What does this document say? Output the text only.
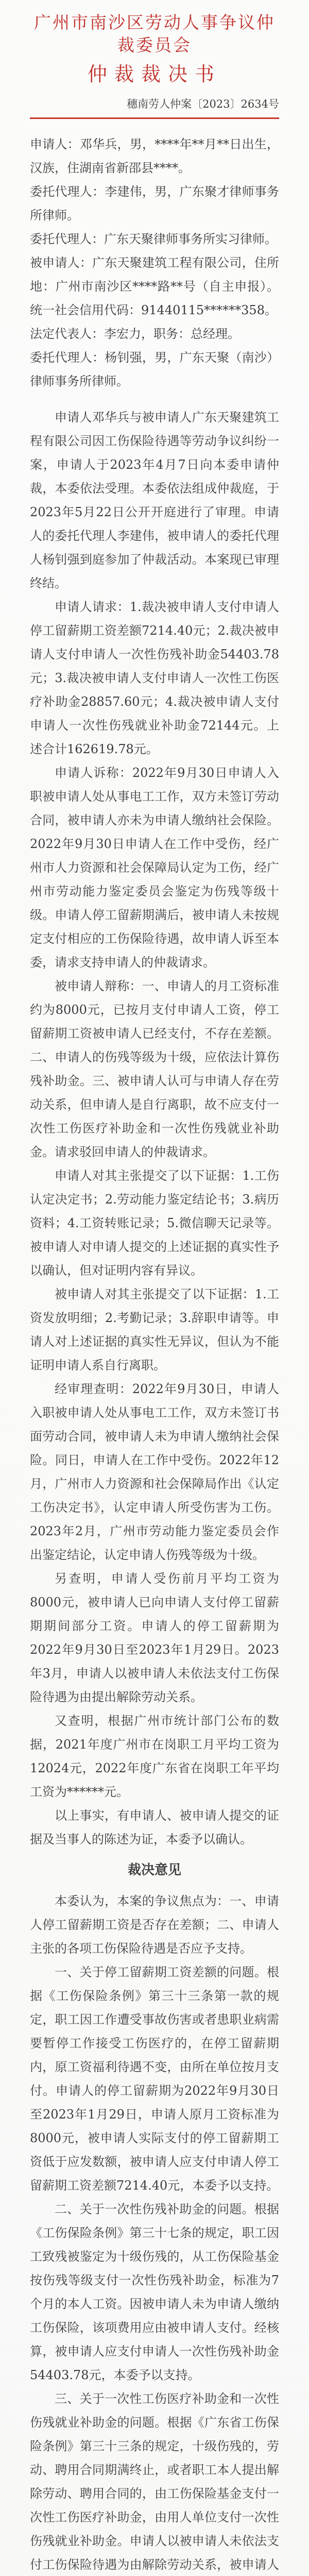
广州市南沙区劳动人事争议仲裁委员会
仲裁裁决书
穗南劳人仲案〔2023〕2634号

申请人：邓华兵，男，****年**月**日出生，汉族，住湖南省新邵县****。

委托代理人：李建伟，男，广东聚才律师事务所律师。

委托代理人：广东天聚律师事务所实习律师。

被申请人：广东天聚建筑工程有限公司，住所地：广州市南沙区****路**号（自主申报）。统一社会信用代码：91440115******358。

法定代表人：李宏力，职务：总经理。

委托代理人：杨钊强，男，广东天聚（南沙）律师事务所律师。

申请人邓华兵与被申请人广东天聚建筑工程有限公司因工伤保险待遇等劳动争议纠纷一案，申请人于2023年4月7日向本委申请仲裁，本委依法受理。本委依法组成仲裁庭，于2023年5月22日公开开庭进行了审理。申请人的委托代理人李建伟，被申请人的委托代理人杨钊强到庭参加了仲裁活动。本案现已审理终结。

申请人请求：1.裁决被申请人支付申请人停工留薪期工资差额7214.40元；2.裁决被申请人支付申请人一次性伤残补助金54403.78元；3.裁决被申请人支付申请人一次性工伤医疗补助金28857.60元；4.裁决被申请人支付申请人一次性伤残就业补助金72144元。上述合计162619.78元。

申请人诉称：2022年9月30日申请人入职被申请人处从事电工工作，双方未签订劳动合同，被申请人亦未为申请人缴纳社会保险。2022年9月30日申请人在工作中受伤，经广州市人力资源和社会保障局认定为工伤，经广州市劳动能力鉴定委员会鉴定为伤残等级十级。申请人停工留薪期满后，被申请人未按规定支付相应的工伤保险待遇，故申请人诉至本委，请求支持申请人的仲裁请求。

被申请人辩称：一、申请人的月工资标准约为8000元，已按月支付申请人工资，停工留薪期工资被申请人已经支付，不存在差额。二、申请人的伤残等级为十级，应依法计算伤残补助金。三、被申请人认可与申请人存在劳动关系，但申请人是自行离职，故不应支付一次性工伤医疗补助金和一次性伤残就业补助金。请求驳回申请人的仲裁请求。

申请人对其主张提交了以下证据：1.工伤认定决定书；2.劳动能力鉴定结论书；3.病历资料；4.工资转账记录；5.微信聊天记录等。被申请人对申请人提交的上述证据的真实性予以确认，但对证明内容有异议。

被申请人对其主张提交了以下证据：1.工资发放明细；2.考勤记录；3.辞职申请等。申请人对上述证据的真实性无异议，但认为不能证明申请人系自行离职。

经审理查明：2022年9月30日，申请人入职被申请人处从事电工工作，双方未签订书面劳动合同，被申请人未为申请人缴纳社会保险。同日，申请人在工作中受伤。2022年12月，广州市人力资源和社会保障局作出《认定工伤决定书》，认定申请人所受伤害为工伤。2023年2月，广州市劳动能力鉴定委员会作出鉴定结论，认定申请人伤残等级为十级。

另查明，申请人受伤前月平均工资为8000元，被申请人已向申请人支付停工留薪期期间部分工资。申请人的停工留薪期为2022年9月30日至2023年1月29日。2023年3月，申请人以被申请人未依法支付工伤保险待遇为由提出解除劳动关系。

又查明，根据广州市统计部门公布的数据，2021年度广州市在岗职工月平均工资为12024元，2022年度广东省在岗职工年平均工资为******元。

以上事实，有申请人、被申请人提交的证据及当事人的陈述为证，本委予以确认。

裁决意见

本委认为，本案的争议焦点为：一、申请人停工留薪期工资是否存在差额；二、申请人主张的各项工伤保险待遇是否应予支持。

一、关于停工留薪期工资差额的问题。根据《工伤保险条例》第三十三条第一款的规定，职工因工作遭受事故伤害或者患职业病需要暂停工作接受工伤医疗的，在停工留薪期内，原工资福利待遇不变，由所在单位按月支付。申请人的停工留薪期为2022年9月30日至2023年1月29日，申请人原月工资标准为8000元，被申请人实际支付的停工留薪期工资低于应发数额，被申请人应支付申请人停工留薪期工资差额7214.40元，本委予以支持。

二、关于一次性伤残补助金的问题。根据《工伤保险条例》第三十七条的规定，职工因工致残被鉴定为十级伤残的，从工伤保险基金按伤残等级支付一次性伤残补助金，标准为7个月的本人工资。因被申请人未为申请人缴纳工伤保险，该项费用应由被申请人支付。经核算，被申请人应支付申请人一次性伤残补助金54403.78元，本委予以支持。

三、关于一次性工伤医疗补助金和一次性伤残就业补助金的问题。根据《广东省工伤保险条例》第三十三条的规定，十级伤残的，劳动、聘用合同期满终止，或者职工本人提出解除劳动、聘用合同的，由工伤保险基金支付一次性工伤医疗补助金，由用人单位支付一次性伤残就业补助金。申请人以被申请人未依法支付工伤保险待遇为由解除劳动关系，被申请人
